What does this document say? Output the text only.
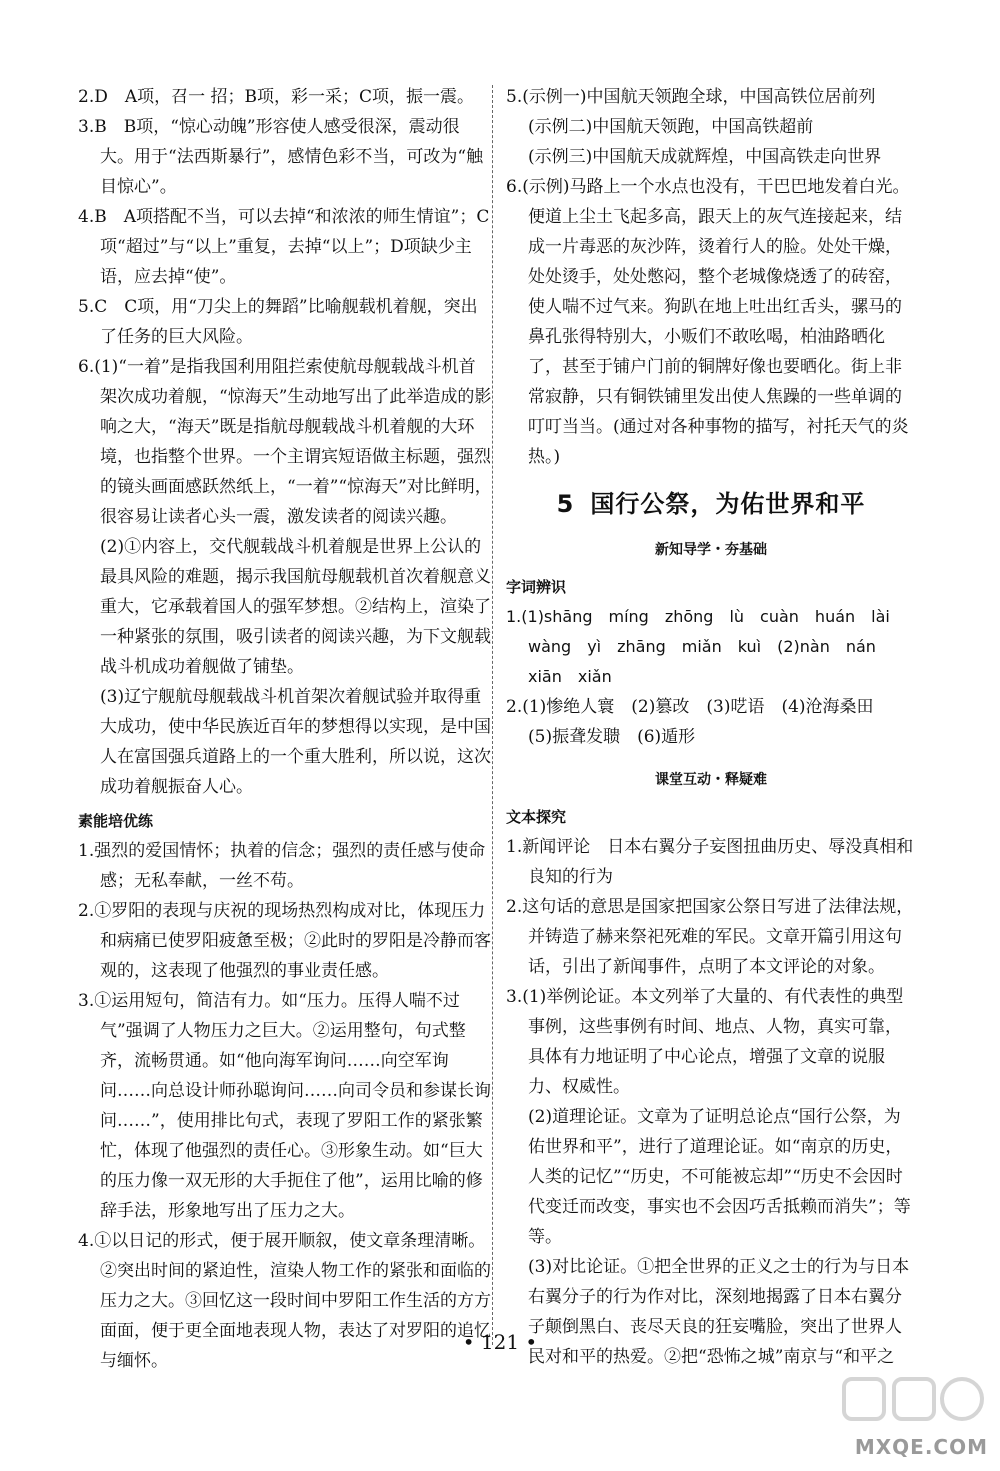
2.D　A项，召一 招；B项，彩一采；C项，振一震。

3.B　B项，“惊心动魄”形容使人感受很深，震动很大。用于“法西斯暴行”，感情色彩不当，可改为“触目惊心”。

4.B　A项搭配不当，可以去掉“和浓浓的师生情谊”；C项“超过”与“以上”重复，去掉“以上”；D项缺少主语，应去掉“使”。

5.C　C项，用“刀尖上的舞蹈”比喻舰载机着舰，突出了任务的巨大风险。

6.(1)“一着”是指我国利用阻拦索使航母舰载战斗机首架次成功着舰，“惊海天”生动地写出了此举造成的影响之大，“海天”既是指航母舰载战斗机着舰的大环境，也指整个世界。一个主谓宾短语做主标题，强烈的镜头画面感跃然纸上，“一着”“惊海天”对比鲜明，很容易让读者心头一震，激发读者的阅读兴趣。

(2)①内容上，交代舰载战斗机着舰是世界上公认的最具风险的难题，揭示我国航母舰载机首次着舰意义重大，它承载着国人的强军梦想。②结构上，渲染了一种紧张的氛围，吸引读者的阅读兴趣，为下文舰载战斗机成功着舰做了铺垫。

(3)辽宁舰航母舰载战斗机首架次着舰试验并取得重大成功，使中华民族近百年的梦想得以实现，是中国人在富国强兵道路上的一个重大胜利，所以说，这次成功着舰振奋人心。

素能培优练

1.强烈的爱国情怀；执着的信念；强烈的责任感与使命感；无私奉献，一丝不苟。

2.①罗阳的表现与庆祝的现场热烈构成对比，体现压力和病痛已使罗阳疲惫至极；②此时的罗阳是冷静而客观的，这表现了他强烈的事业责任感。

3.①运用短句，简洁有力。如“压力。压得人喘不过气”强调了人物压力之巨大。②运用整句，句式整齐，流畅贯通。如“他向海军询问……向空军询问……向总设计师孙聪询问……向司令员和参谋长询问……”，使用排比句式，表现了罗阳工作的紧张繁忙，体现了他强烈的责任心。③形象生动。如“巨大的压力像一双无形的大手扼住了他”，运用比喻的修辞手法，形象地写出了压力之大。

4.①以日记的形式，便于展开顺叙，使文章条理清晰。

②突出时间的紧迫性，渲染人物工作的紧张和面临的压力之大。③回忆这一段时间中罗阳工作生活的方方面面，便于更全面地表现人物，表达了对罗阳的追忆与缅怀。

5.(示例一)中国航天领跑全球，中国高铁位居前列

(示例二)中国航天领跑，中国高铁超前

(示例三)中国航天成就辉煌，中国高铁走向世界

6.(示例)马路上一个水点也没有，干巴巴地发着白光。便道上尘土飞起多高，跟天上的灰气连接起来，结成一片毒恶的灰沙阵，烫着行人的脸。处处干燥，处处烫手，处处憋闷，整个老城像烧透了的砖窑，使人喘不过气来。狗趴在地上吐出红舌头，骡马的鼻孔张得特别大，小贩们不敢吆喝，柏油路晒化了，甚至于铺户门前的铜牌好像也要晒化。街上非常寂静，只有铜铁铺里发出使人焦躁的一些单调的叮叮当当。(通过对各种事物的描写，衬托天气的炎热。)

5 国行公祭，为佑世界和平

新知导学・夯基础

字词辨识

1.(1)shāng　míng　zhōng　lù　cuàn　huán　lài

wàng　yì　zhāng　miǎn　kuì　(2)nàn　nán

xiān　xiǎn

2.(1)惨绝人寰　(2)篡改　(3)呓语　(4)沧海桑田

(5)振聋发聩　(6)遁形

课堂互动・释疑难

文本探究

1.新闻评论　日本右翼分子妄图扭曲历史、辱没真相和良知的行为

2.这句话的意思是国家把国家公祭日写进了法律法规，并铸造了赫来祭祀死难的军民。文章开篇引用这句话，引出了新闻事件，点明了本文评论的对象。

3.(1)举例论证。本文列举了大量的、有代表性的典型事例，这些事例有时间、地点、人物，真实可靠，具体有力地证明了中心论点，增强了文章的说服力、权威性。

(2)道理论证。文章为了证明总论点“国行公祭，为佑世界和平”，进行了道理论证。如“南京的历史，人类的记忆”“历史，不可能被忘却”“历史不会因时代变迁而改变，事实也不会因巧舌抵赖而消失”；等等。

(3)对比论证。①把全世界的正义之士的行为与日本右翼分子的行为作对比，深刻地揭露了日本右翼分子颠倒黑白、丧尽天良的狂妄嘴脸，突出了世界人民对和平的热爱。②把“恐怖之城”南京与“和平之

• 121 •
MXQE.COM
